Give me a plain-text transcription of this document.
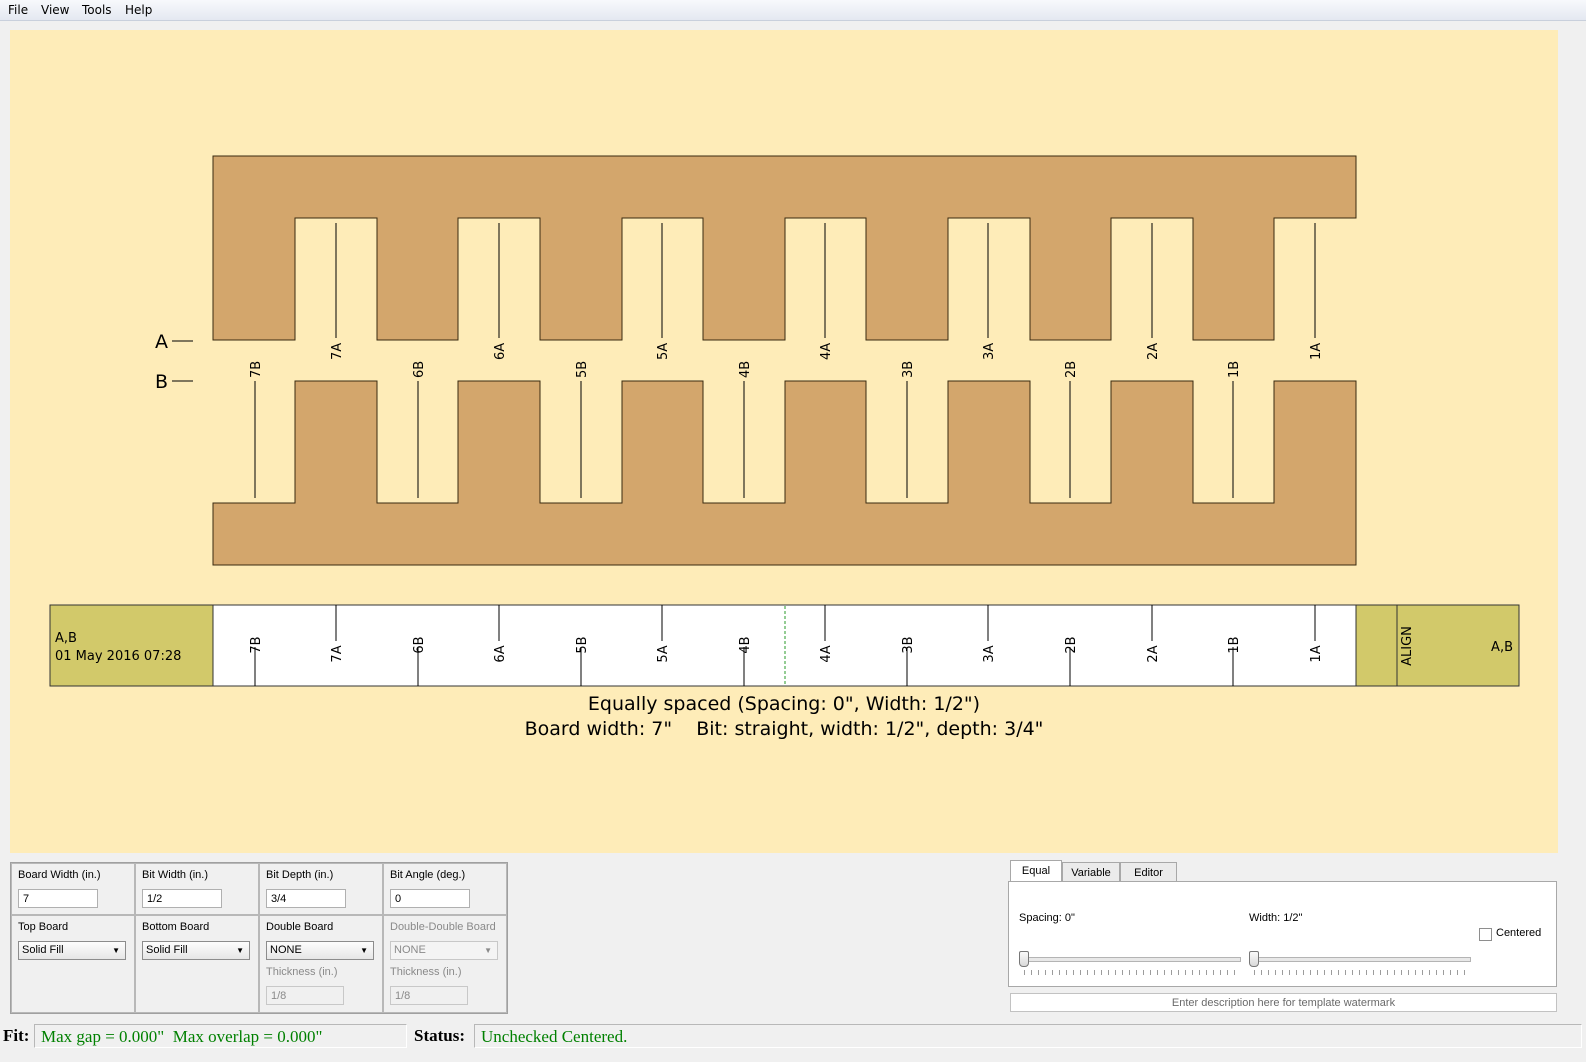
File View Tools Help
7A	6A	5A	4A	3A	2A	1A
7B	6B	5B	4B	3B	2B	1B
A
B
7B
7A
6B
6A
5B
5A
4B
4A
3B
3A
2B
2A
1B
1A	ALIGN
A,B
01 May 2016 07:28
A,B
Equally spaced (Spacing: 0", Width: 1/2")
Board width: 7"    Bit: straight, width: 1/2", depth: 3/4"
Board Width (in.)
7
Bit Width (in.)
1/2
Bit Depth (in.)
3/4
Bit Angle (deg.)
0
Top Board
Solid Fill	▼
Bottom Board
Solid Fill	▼
Double Board
NONE	▼
Thickness (in.)
1/8
Double-Double Board
NONE	▼
Thickness (in.)
1/8
Equal	Variable	Editor
Spacing: 0"	Width: 1/2"
Centered
Enter description here for template watermark
Fit: Max gap = 0.000"  Max overlap = 0.000"	Status: Unchecked Centered.
